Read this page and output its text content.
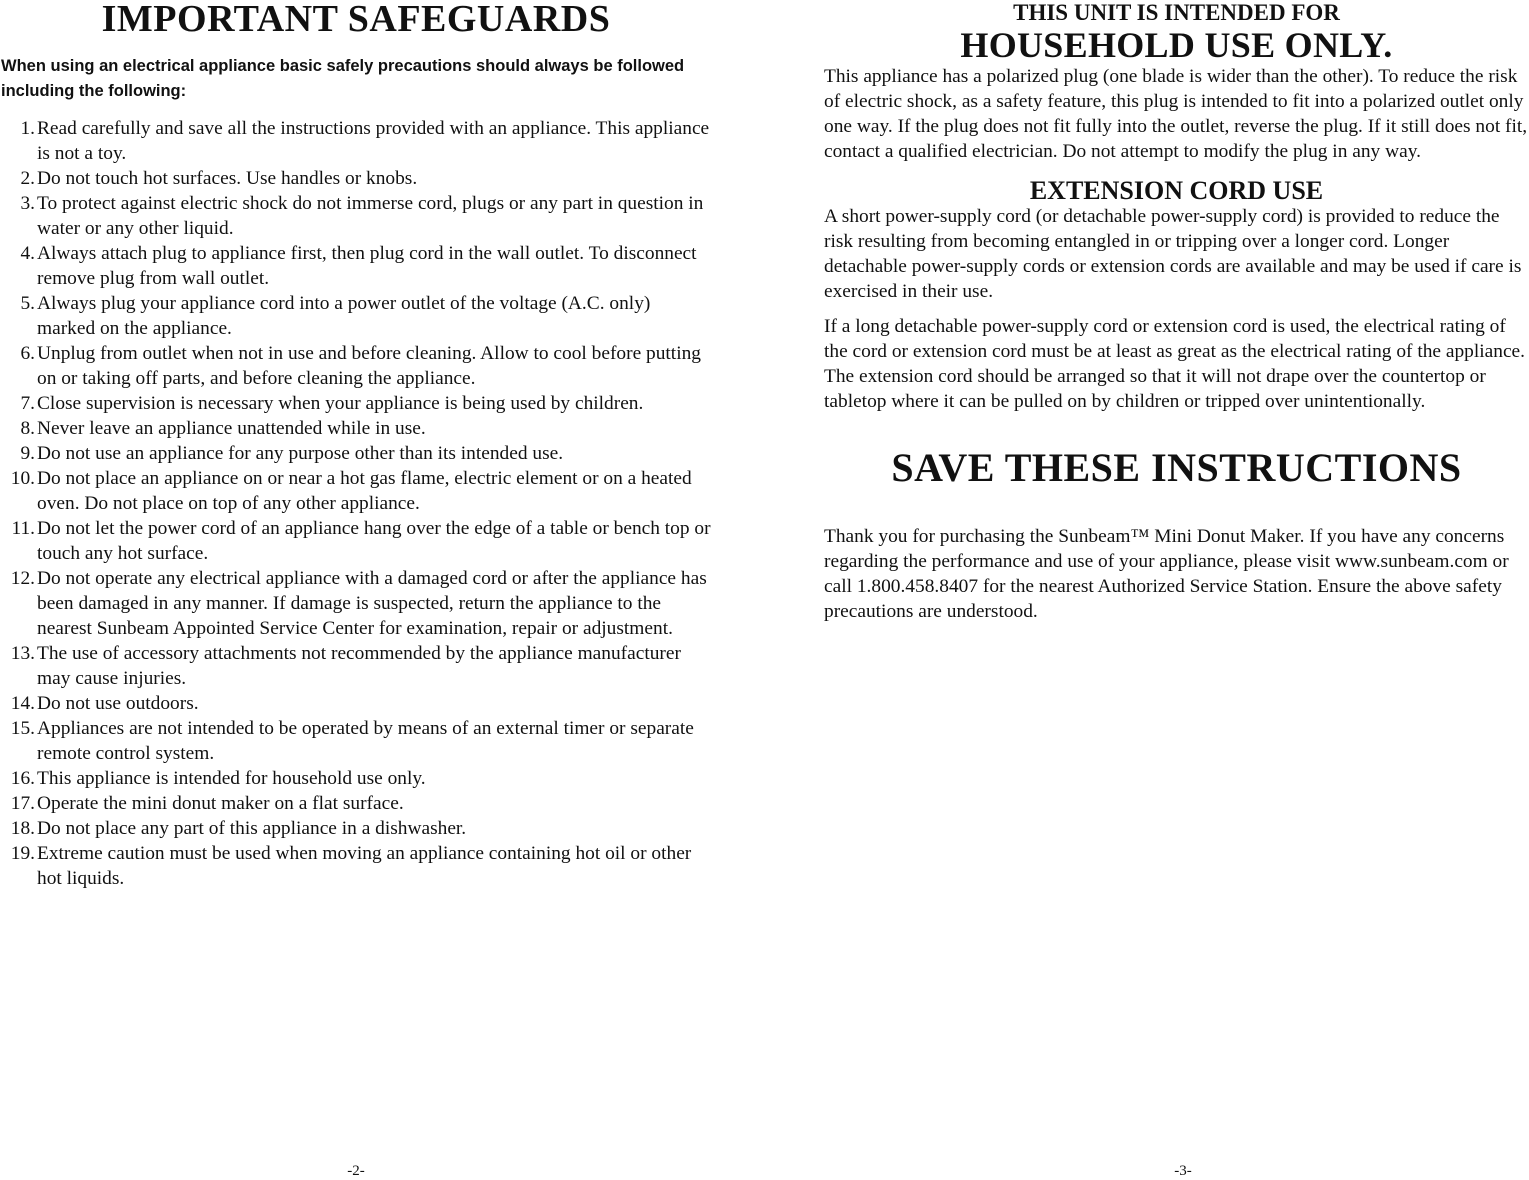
IMPORTANT SAFEGUARDS
When using an electrical appliance basic safely precautions should always be followed including the following:
1. Read carefully and save all the instructions provided with an appliance. This appliance is not a toy.
2. Do not touch hot surfaces. Use handles or knobs.
3. To protect against electric shock do not immerse cord, plugs or any part in question in water or any other liquid.
4. Always attach plug to appliance first, then plug cord in the wall outlet. To disconnect remove plug from wall outlet.
5. Always plug your appliance cord into a power outlet of the voltage (A.C. only) marked on the appliance.
6. Unplug from outlet when not in use and before cleaning. Allow to cool before putting on or taking off parts, and before cleaning the appliance.
7. Close supervision is necessary when your appliance is being used by children.
8. Never leave an appliance unattended while in use.
9. Do not use an appliance for any purpose other than its intended use.
10. Do not place an appliance on or near a hot gas flame, electric element or on a heated oven. Do not place on top of any other appliance.
11. Do not let the power cord of an appliance hang over the edge of a table or bench top or touch any hot surface.
12. Do not operate any electrical appliance with a damaged cord or after the appliance has been damaged in any manner. If damage is suspected, return the appliance to the nearest Sunbeam Appointed Service Center for examination, repair or adjustment.
13. The use of accessory attachments not recommended by the appliance manufacturer may cause injuries.
14. Do not use outdoors.
15. Appliances are not intended to be operated by means of an external timer or separate remote control system.
16. This appliance is intended for household use only.
17. Operate the mini donut maker on a flat surface.
18. Do not place any part of this appliance in a dishwasher.
19. Extreme caution must be used when moving an appliance containing hot oil or other hot liquids.
THIS UNIT IS INTENDED FOR
HOUSEHOLD USE ONLY.

This appliance has a polarized plug (one blade is wider than the other). To reduce the risk of electric shock, as a safety feature, this plug is intended to fit into a polarized outlet only one way. If the plug does not fit fully into the outlet, reverse the plug. If it still does not fit, contact a qualified electrician. Do not attempt to modify the plug in any way.

EXTENSION CORD USE

A short power-supply cord (or detachable power-supply cord) is provided to reduce the risk resulting from becoming entangled in or tripping over a longer cord. Longer detachable power-supply cords or extension cords are available and may be used if care is exercised in their use.

If a long detachable power-supply cord or extension cord is used, the electrical rating of the cord or extension cord must be at least as great as the electrical rating of the appliance. The extension cord should be arranged so that it will not drape over the countertop or tabletop where it can be pulled on by children or tripped over unintentionally.

SAVE THESE INSTRUCTIONS

Thank you for purchasing the Sunbeam™ Mini Donut Maker. If you have any concerns regarding the performance and use of your appliance, please visit www.sunbeam.com or call 1.800.458.8407 for the nearest Authorized Service Station. Ensure the above safety precautions are understood.

-2-	-3-
